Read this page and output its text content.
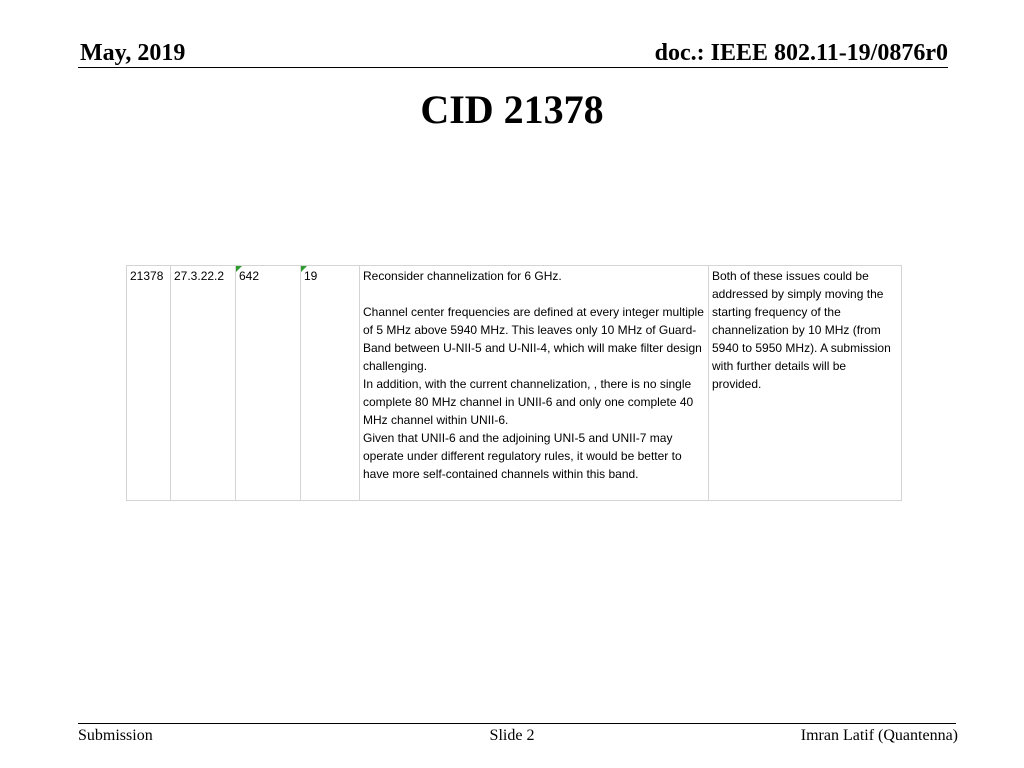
May, 2019	doc.: IEEE 802.11-19/0876r0
CID 21378
21378	27.3.22.2	642	19	Reconsider channelization for 6 GHz.
Channel center frequencies are defined at every integer multiple of 5 MHz above 5940 MHz. This leaves only 10 MHz of Guard-Band between U-NII-5 and U-NII-4, which will make filter design challenging.
In addition, with the current channelization, , there is no single complete 80 MHz channel in UNII-6 and only one complete 40 MHz channel within UNII-6.
Given that UNII-6 and the adjoining UNI-5 and UNII-7 may operate under different regulatory rules, it would be better to have more self-contained channels within this band.
	Both of these issues could be addressed by simply moving the starting frequency of the channelization by 10 MHz (from 5940 to 5950 MHz). A submission with further details will be provided.
Submission	Slide 2	Imran Latif (Quantenna)
